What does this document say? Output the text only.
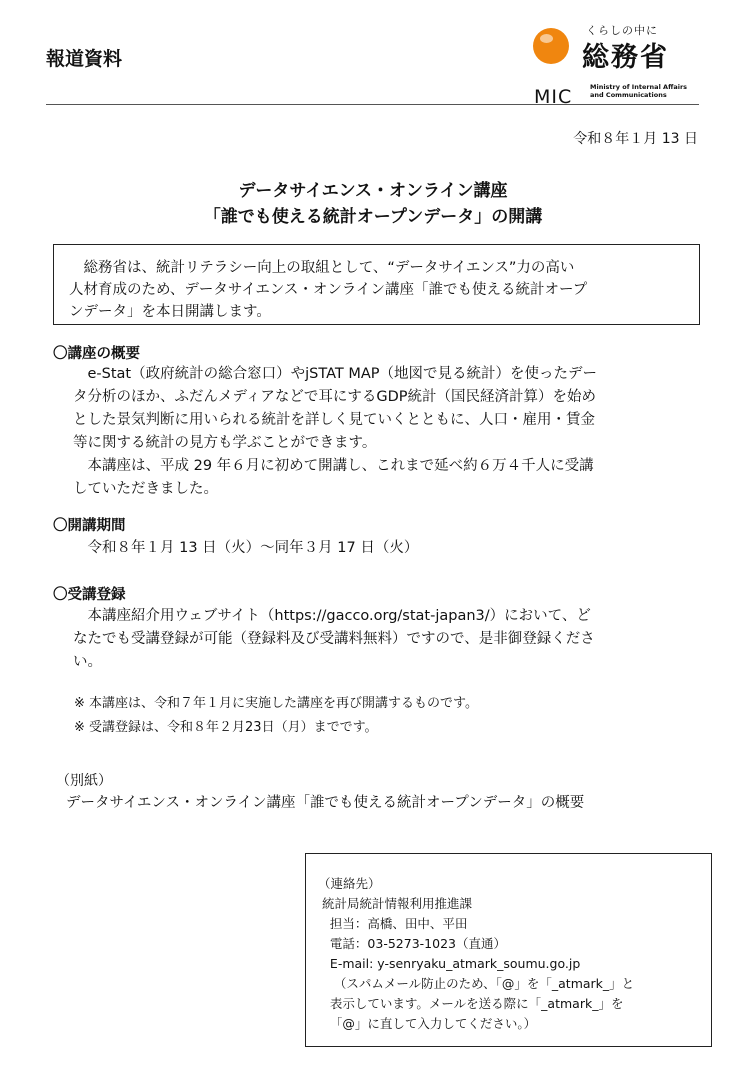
報道資料
くらしの中に
総務省
MIC	Ministry of Internal Affairs and Communications
令和８年１月 13 日
データサイエンス・オンライン講座
「誰でも使える統計オープンデータ」の開講
　総務省は、統計リテラシー向上の取組として、“データサイエンス”力の高い
人材育成のため、データサイエンス・オンライン講座「誰でも使える統計オープ
ンデータ」を本日開講します。
〇講座の概要
　e-Stat（政府統計の総合窓口）やjSTAT MAP（地図で見る統計）を使ったデー
タ分析のほか、ふだんメディアなどで耳にするGDP統計（国民経済計算）を始め
とした景気判断に用いられる統計を詳しく見ていくとともに、人口・雇用・賃金
等に関する統計の見方も学ぶことができます。
　本講座は、平成 29 年６月に初めて開講し、これまで延べ約６万４千人に受講
していただきました。
〇開講期間
　令和８年１月 13 日（火）～同年３月 17 日（火）
〇受講登録
　本講座紹介用ウェブサイト（https://gacco.org/stat-japan3/）において、ど
なたでも受講登録が可能（登録料及び受講料無料）ですので、是非御登録くださ
い。
※ 本講座は、令和７年１月に実施した講座を再び開講するものです。
※ 受講登録は、令和８年２月23日（月）までです。
（別紙）
データサイエンス・オンライン講座「誰でも使える統計オープンデータ」の概要
（連絡先）
統計局統計情報利用推進課
担当：高橋、田中、平田
電話：03-5273-1023（直通）
E-mail: y-senryaku_atmark_soumu.go.jp
（スパムメール防止のため、「@」を「_atmark_」と
表示しています。メールを送る際に「_atmark_」を
「@」に直して入力してください。）
